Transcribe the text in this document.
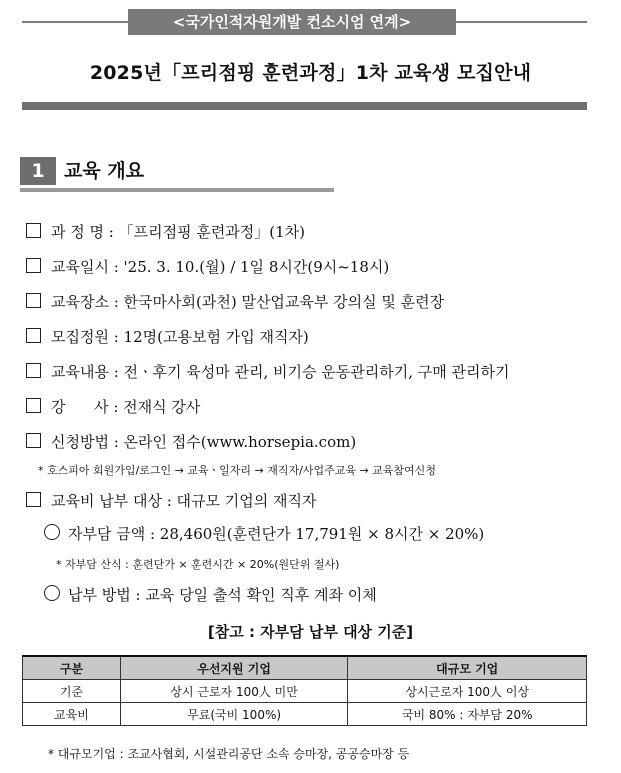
<국가인적자원개발 컨소시엄 연계>
2025년「프리점핑 훈련과정」1차 교육생 모집안내
1	교육 개요
과 정 명 : 「프리점핑 훈련과정」(1차)
교육일시 : '25. 3. 10.(월) / 1일 8시간(9시~18시)
교육장소 : 한국마사회(과천) 말산업교육부 강의실 및 훈련장
모집정원 : 12명(고용보험 가입 재직자)
교육내용 : 전ㆍ후기 육성마 관리, 비기승 운동관리하기, 구매 관리하기
강      사 : 전재식 강사
신청방법 : 온라인 접수(www.horsepia.com)
* 호스피아 회원가입/로그인 → 교육ㆍ일자리 → 재직자/사업주교육 → 교육참여신청
교육비 납부 대상 : 대규모 기업의 재직자
자부담 금액 : 28,460원(훈련단가 17,791원 × 8시간 × 20%)
* 자부담 산식 : 훈련단가 × 훈련시간 × 20%(원단위 절사)
납부 방법 : 교육 당일 출석 확인 직후 계좌 이체
[참고 : 자부담 납부 대상 기준]
구분	우선지원 기업	대규모 기업
기준	상시 근로자 100人 미만	상시근로자 100人 이상
교육비	무료(국비 100%)	국비 80% : 자부담 20%
* 대규모기업 : 조교사협회, 시설관리공단 소속 승마장, 공공승마장 등
